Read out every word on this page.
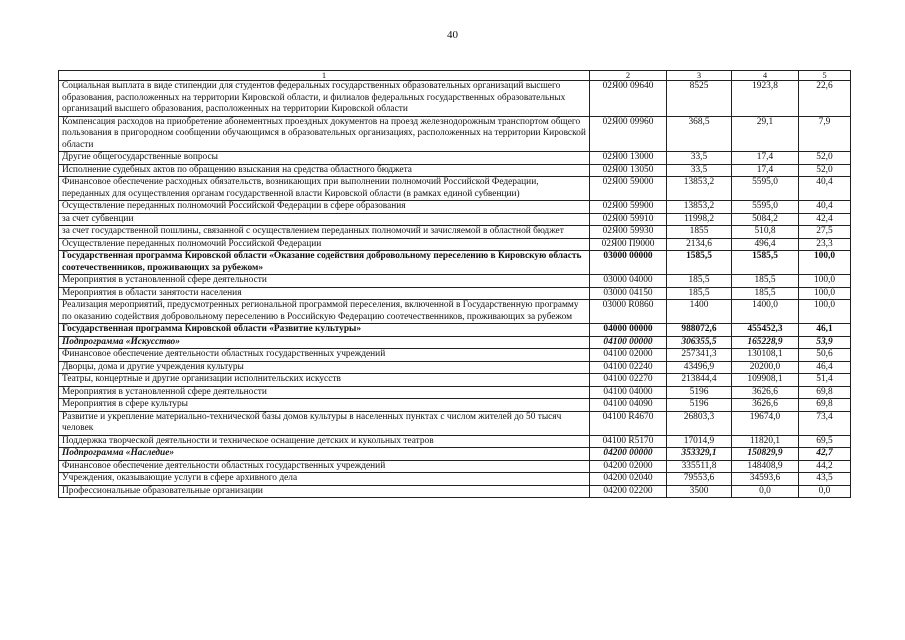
40
1	2	3	4	5
Социальная выплата в виде стипендии для студентов федеральных государственных образовательных организаций высшего образования, расположенных на территории Кировской области, и филиалов федеральных государственных образовательных организаций высшего образования, расположенных на территории Кировской области	02Я00 09640	8525	1923,8	22,6
Компенсация расходов на приобретение абонементных проездных документов на проезд железнодорожным транспортом общего пользования в пригородном сообщении обучающимся в образовательных организациях, расположенных на территории Кировской области	02Я00 09960	368,5	29,1	7,9
Другие общегосударственные вопросы	02Я00 13000	33,5	17,4	52,0
Исполнение судебных актов по обращению взыскания на средства областного бюджета	02Я00 13050	33,5	17,4	52,0
Финансовое обеспечение расходных обязательств, возникающих при выполнении полномочий Российской Федерации, переданных для осуществления органам государственной власти Кировской области (в рамках единой субвенции)	02Я00 59000	13853,2	5595,0	40,4
Осуществление переданных полномочий Российской Федерации в сфере образования	02Я00 59900	13853,2	5595,0	40,4
за счет субвенции	02Я00 59910	11998,2	5084,2	42,4
за счет государственной пошлины, связанной с осуществлением переданных полномочий и зачисляемой в областной бюджет	02Я00 59930	1855	510,8	27,5
Осуществление переданных полномочий Российской Федерации	02Я00 П9000	2134,6	496,4	23,3
Государственная программа Кировской области «Оказание содействия добровольному переселению в Кировскую область соотечественников, проживающих за рубежом»	03000 00000	1585,5	1585,5	100,0
Мероприятия в установленной сфере деятельности	03000 04000	185,5	185,5	100,0
Мероприятия в области занятости населения	03000 04150	185,5	185,5	100,0
Реализация мероприятий, предусмотренных региональной программой переселения, включенной в Государственную программу по оказанию содействия добровольному переселению в Российскую Федерацию соотечественников, проживающих за рубежом	03000 R0860	1400	1400,0	100,0
Государственная программа Кировской области «Развитие культуры»	04000 00000	988072,6	455452,3	46,1
Подпрограмма «Искусство»	04100 00000	306355,5	165228,9	53,9
Финансовое обеспечение деятельности областных государственных учреждений	04100 02000	257341,3	130108,1	50,6
Дворцы, дома и другие учреждения культуры	04100 02240	43496,9	20200,0	46,4
Театры, концертные и другие организации исполнительских искусств	04100 02270	213844,4	109908,1	51,4
Мероприятия в установленной сфере деятельности	04100 04000	5196	3626,6	69,8
Мероприятия в сфере культуры	04100 04090	5196	3626,6	69,8
Развитие и укрепление материально-технической базы домов культуры в населенных пунктах с числом жителей до 50 тысяч человек	04100 R4670	26803,3	19674,0	73,4
Поддержка творческой деятельности и техническое оснащение детских и кукольных театров	04100 R5170	17014,9	11820,1	69,5
Подпрограмма «Наследие»	04200 00000	353329,1	150829,9	42,7
Финансовое обеспечение деятельности областных государственных учреждений	04200 02000	335511,8	148408,9	44,2
Учреждения, оказывающие услуги в сфере архивного дела	04200 02040	79553,6	34593,6	43,5
Профессиональные образовательные организации	04200 02200	3500	0,0	0,0
